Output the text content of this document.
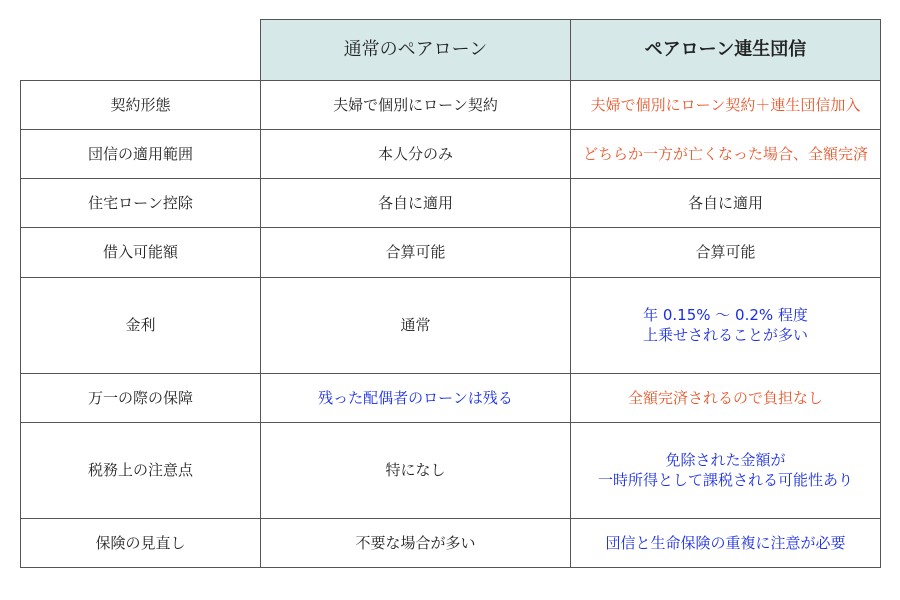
	通常のペアローン	ペアローン連生団信
契約形態	夫婦で個別にローン契約	夫婦で個別にローン契約＋連生団信加入
団信の適用範囲	本人分のみ	どちらか一方が亡くなった場合、全額完済
住宅ローン控除	各自に適用	各自に適用
借入可能額	合算可能	合算可能
金利	通常	年 0.15% 〜 0.2% 程度
上乗せされることが多い

万一の際の保障	残った配偶者のローンは残る	全額完済されるので負担なし
税務上の注意点	特になし	免除された金額が
一時所得として課税される可能性あり

保険の見直し	不要な場合が多い	団信と生命保険の重複に注意が必要
